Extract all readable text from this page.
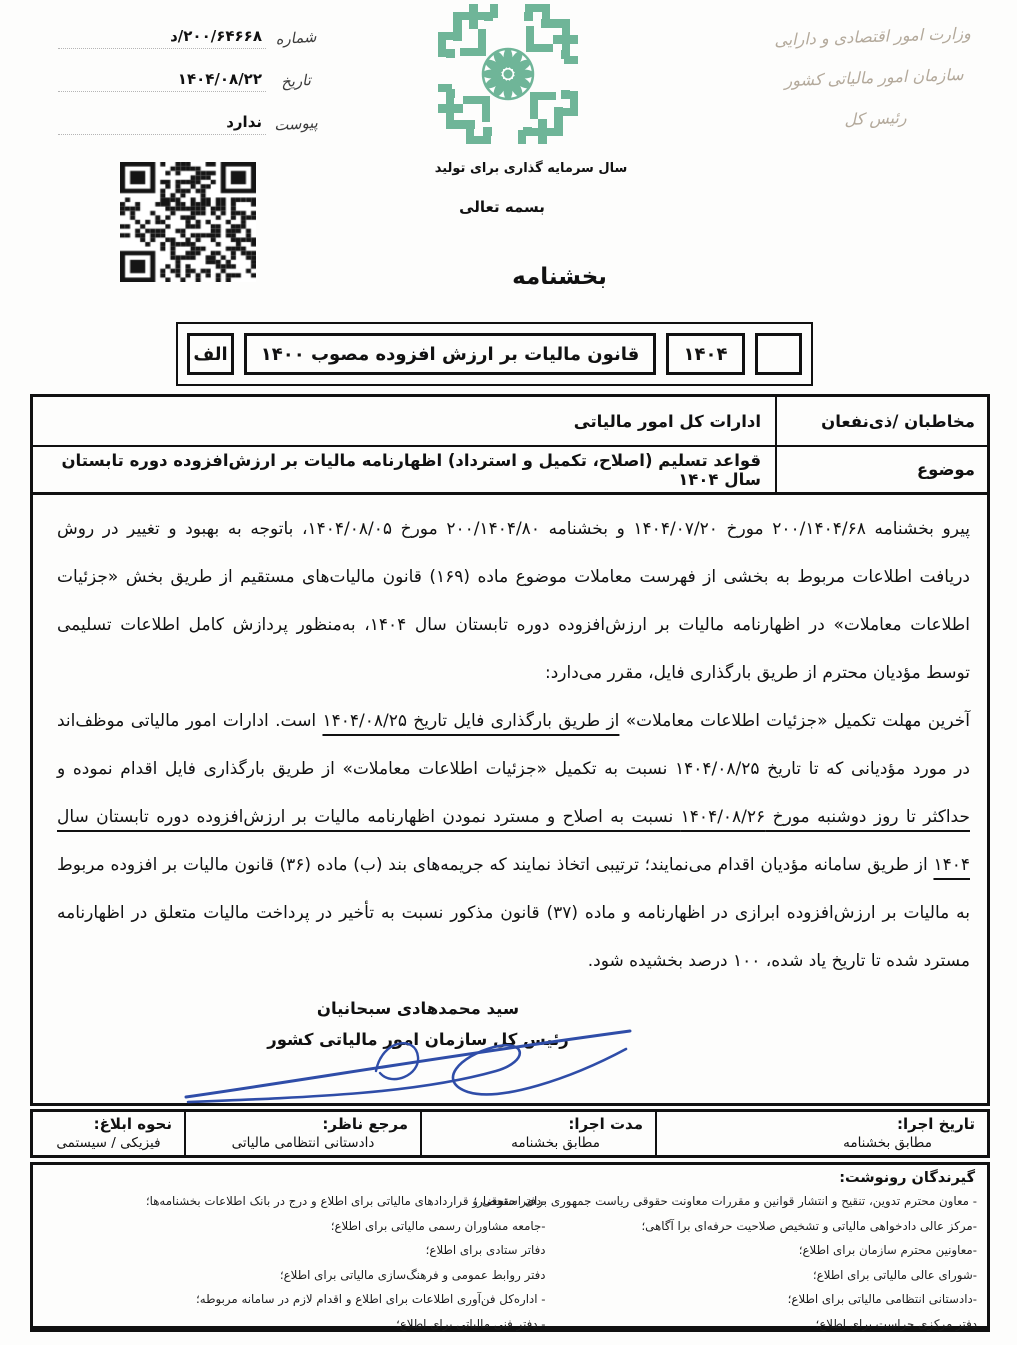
شماره
۲۰۰/۶۴۶۶۸/د
تاریخ
۱۴۰۴/۰۸/۲۲
پیوست
ندارد
وزارت امور اقتصادی و دارایی
سازمان امور مالیاتی کشور
رئیس کل
سال سرمایه گذاری برای تولید
بسمه تعالی
بخشنامه
۱۴۰۴
قانون مالیات بر ارزش افزوده مصوب ۱۴۰۰
الف
مخاطبان /ذی‌نفعان
ادارات کل امور مالیاتی
موضوع
قواعد تسلیم (اصلاح، تکمیل و استرداد) اظهارنامه مالیات بر ارزش‌افزوده دوره تابستان سال ۱۴۰۴

پیرو بخشنامه ۲۰۰/۱۴۰۴/۶۸ مورخ ۱۴۰۴/۰۷/۲۰ و بخشنامه ۲۰۰/۱۴۰۴/۸۰ مورخ ۱۴۰۴/۰۸/۰۵، باتوجه به بهبود و تغییر در روش دریافت اطلاعات مربوط به بخشی از فهرست معاملات موضوع ماده (۱۶۹) قانون مالیات‌های مستقیم از طریق بخش «جزئیات اطلاعات معاملات» در اظهارنامه مالیات بر ارزش‌افزوده دوره تابستان سال ۱۴۰۴، به‌منظور پردازش کامل اطلاعات تسلیمی توسط مؤدیان محترم از طریق بارگذاری فایل، مقرر می‌دارد:

آخرین مهلت تکمیل «جزئیات اطلاعات معاملات» از طریق بارگذاری فایل تاریخ ۱۴۰۴/۰۸/۲۵ است. ادارات امور مالیاتی موظف‌اند در مورد مؤدیانی که تا تاریخ ۱۴۰۴/۰۸/۲۵ نسبت به تکمیل «جزئیات اطلاعات معاملات» از طریق بارگذاری فایل اقدام نموده و حداکثر تا روز دوشنبه مورخ ۱۴۰۴/۰۸/۲۶ نسبت به اصلاح و مسترد نمودن اظهارنامه مالیات بر ارزش‌افزوده دوره تابستان سال ۱۴۰۴ از طریق سامانه مؤدیان اقدام می‌نمایند؛ ترتیبی اتخاذ نمایند که جریمه‌های بند (ب) ماده (۳۶) قانون مالیات بر افزوده مربوط به مالیات بر ارزش‌افزوده ابرازی در اظهارنامه و ماده (۳۷) قانون مذکور نسبت به تأخیر در پرداخت مالیات متعلق در اظهارنامه مسترد شده تا تاریخ یاد شده، ۱۰۰ درصد بخشیده شود.

سید محمدهادی سبحانیان
رئیس کل سازمان امور مالیاتی کشور
تاریخ اجرا:
مطابق بخشنامه
مدت اجرا:
مطابق بخشنامه
مرجع ناظر:
دادستانی انتظامی مالیاتی
نحوه ابلاغ:
فیزیکی / سیستمی
گیرندگان رونوشت:
- معاون محترم تدوین، تنقیح و انتشار قوانین و مقررات معاونت حقوقی ریاست جمهوری برای استحضار؛
-مرکز عالی دادخواهی مالیاتی و تشخیص صلاحیت حرفه‌ای برا آگاهی؛
-معاونین محترم سازمان برای اطلاع؛
-شورای عالی مالیاتی برای اطلاع؛
-دادستانی انتظامی مالیاتی برای اطلاع؛
دفتر مرکزی حراست برای اطلاع؛
-دفتر حقوقی و قراردادهای مالیاتی برای اطلاع و درج در بانک اطلاعات بخشنامه‌ها؛
-جامعه مشاوران رسمی مالیاتی برای اطلاع؛
دفاتر ستادی برای اطلاع؛
دفتر روابط عمومی و فرهنگ‌سازی مالیاتی برای اطلاع؛
- اداره‌کل فن‌آوری اطلاعات برای اطلاع و اقدام لازم در سامانه مربوطه؛
- دفتر فنی مالیاتی برای اطلاع؛
